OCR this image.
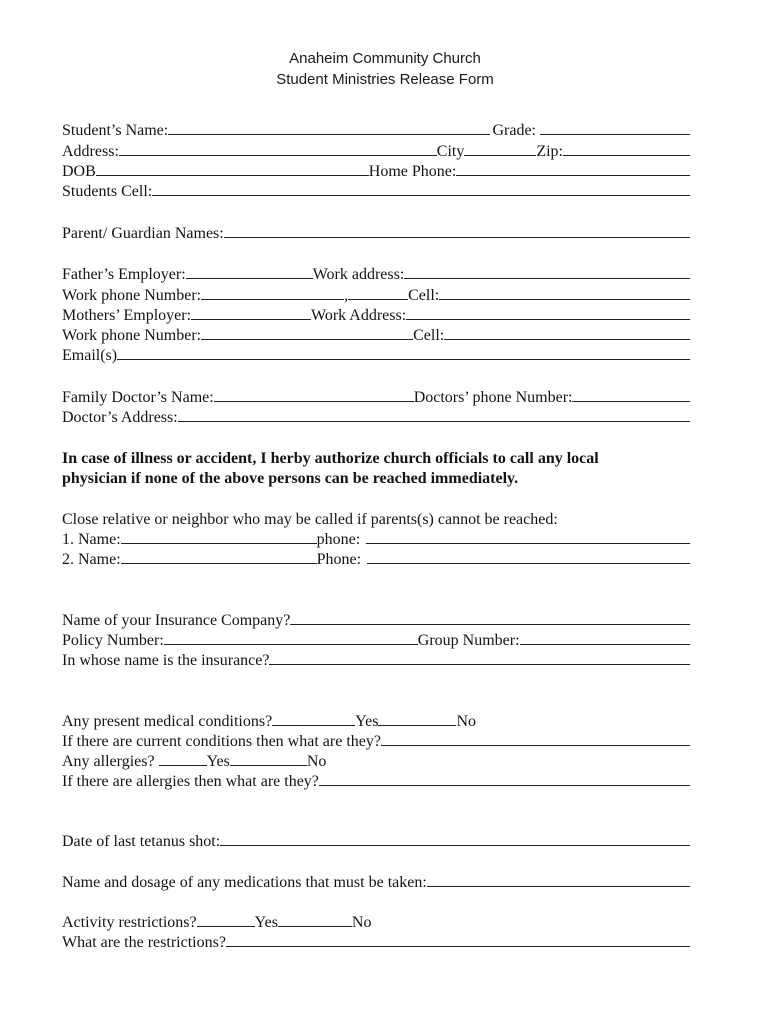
Anaheim Community Church
Student Ministries Release Form
Student’s Name:	Grade:
Address:	City	Zip:
DOB	Home Phone:
Students Cell:
Parent/ Guardian Names:
Father’s Employer:	Work address:
Work phone Number:	,	Cell:
Mothers’ Employer:	Work Address:
Work phone Number:	Cell:
Email(s)
Family Doctor’s Name:	Doctors’ phone Number:
Doctor’s Address:
In case of illness or accident, I herby authorize church officials to call any local
physician if none of the above persons can be reached immediately.
Close relative or neighbor who may be called if parents(s) cannot be reached:
1. Name:	phone:
2. Name:	Phone:
Name of your Insurance Company?
Policy Number:	Group Number:
In whose name is the insurance?
Any present medical conditions?	Yes	No
If there are current conditions then what are they?
Any allergies?	Yes	No
If there are allergies then what are they?
Date of last tetanus shot:
Name and dosage of any medications that must be taken:
Activity restrictions?	Yes	No
What are the restrictions?
